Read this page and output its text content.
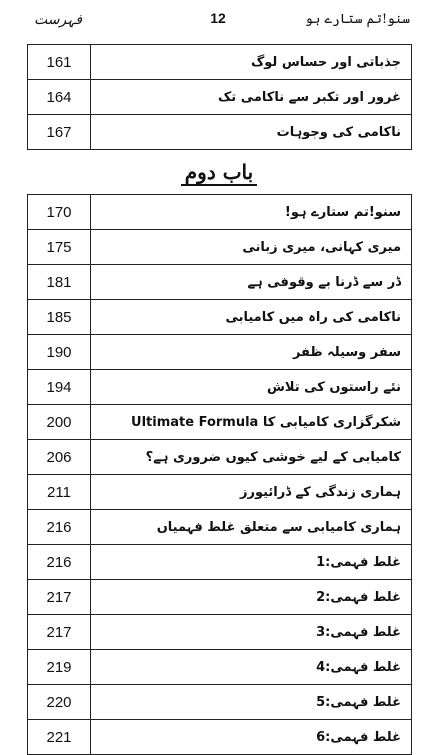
فہرست	12	سنو!تم ستارے ہو
161	جذباتی اور حساس لوگ
164	غرور اور تکبر سے ناکامی تک
167	ناکامی کی وجوہات
باب دوم
170	سنو!تم ستارے ہو!
175	میری کہانی، میری زبانی
181	ڈر سے ڈرنا بے وقوفی ہے
185	ناکامی کی راہ میں کامیابی
190	سفر وسیلہ ظفر
194	نئے راستوں کی تلاش
200	شکرگزاری کامیابی کا Ultimate Formula
206	کامیابی کے لیے خوشی کیوں ضروری ہے؟
211	ہماری زندگی کے ڈرائیورز
216	ہماری کامیابی سے متعلق غلط فہمیاں
216	غلط فہمی:1
217	غلط فہمی:2
217	غلط فہمی:3
219	غلط فہمی:4
220	غلط فہمی:5
221	غلط فہمی:6
